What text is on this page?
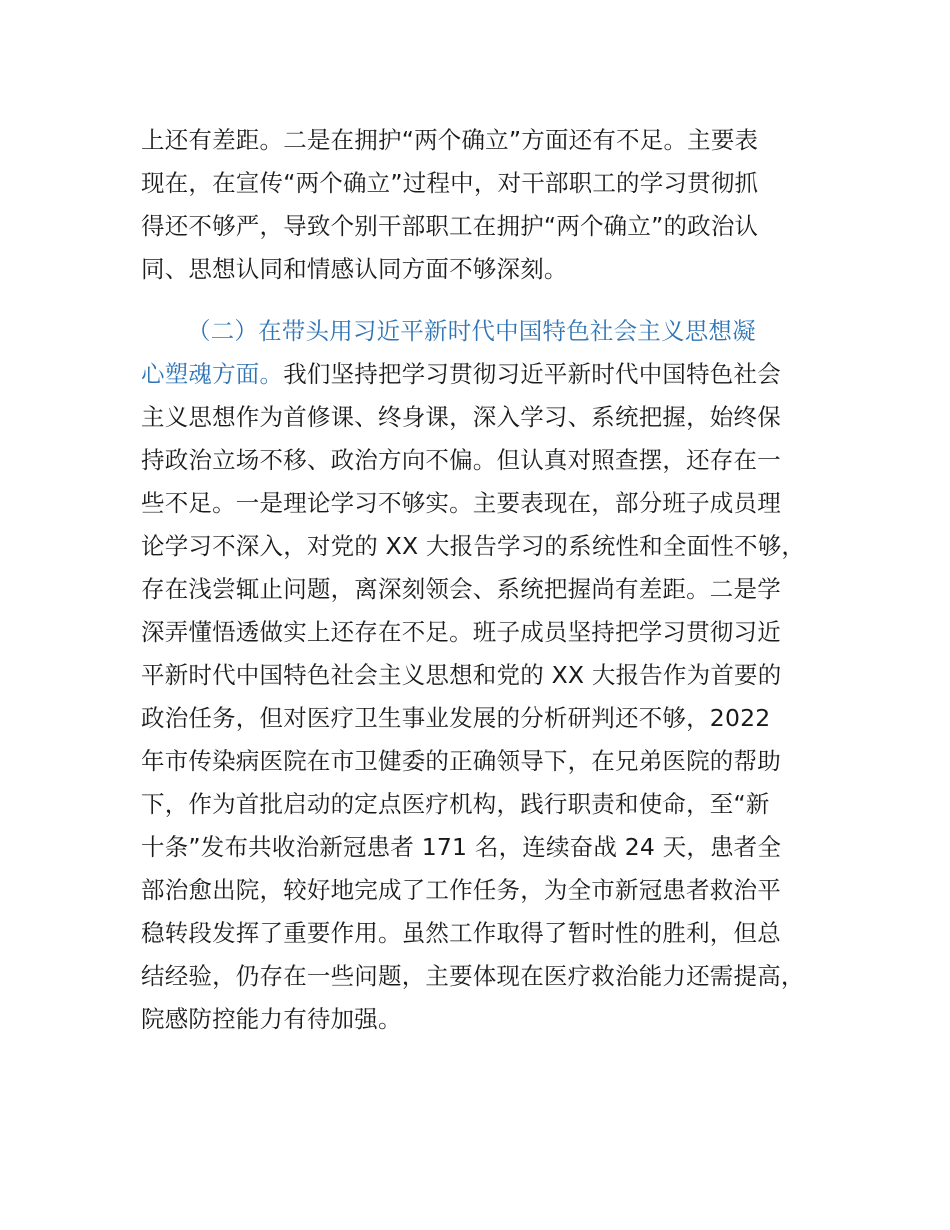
上还有差距。二是在拥护“两个确立”方面还有不足。主要表
现在，在宣传“两个确立”过程中，对干部职工的学习贯彻抓
得还不够严，导致个别干部职工在拥护“两个确立”的政治认
同、思想认同和情感认同方面不够深刻。
（二）在带头用习近平新时代中国特色社会主义思想凝
心塑魂方面。我们坚持把学习贯彻习近平新时代中国特色社会
主义思想作为首修课、终身课，深入学习、系统把握，始终保
持政治立场不移、政治方向不偏。但认真对照查摆，还存在一
些不足。一是理论学习不够实。主要表现在，部分班子成员理
论学习不深入，对党的 XX 大报告学习的系统性和全面性不够，
存在浅尝辄止问题，离深刻领会、系统把握尚有差距。二是学
深弄懂悟透做实上还存在不足。班子成员坚持把学习贯彻习近
平新时代中国特色社会主义思想和党的 XX 大报告作为首要的
政治任务，但对医疗卫生事业发展的分析研判还不够，2022
年市传染病医院在市卫健委的正确领导下，在兄弟医院的帮助
下，作为首批启动的定点医疗机构，践行职责和使命，至“新
十条”发布共收治新冠患者 171 名，连续奋战 24 天，患者全
部治愈出院，较好地完成了工作任务，为全市新冠患者救治平
稳转段发挥了重要作用。虽然工作取得了暂时性的胜利，但总
结经验，仍存在一些问题，主要体现在医疗救治能力还需提高，
院感防控能力有待加强。
